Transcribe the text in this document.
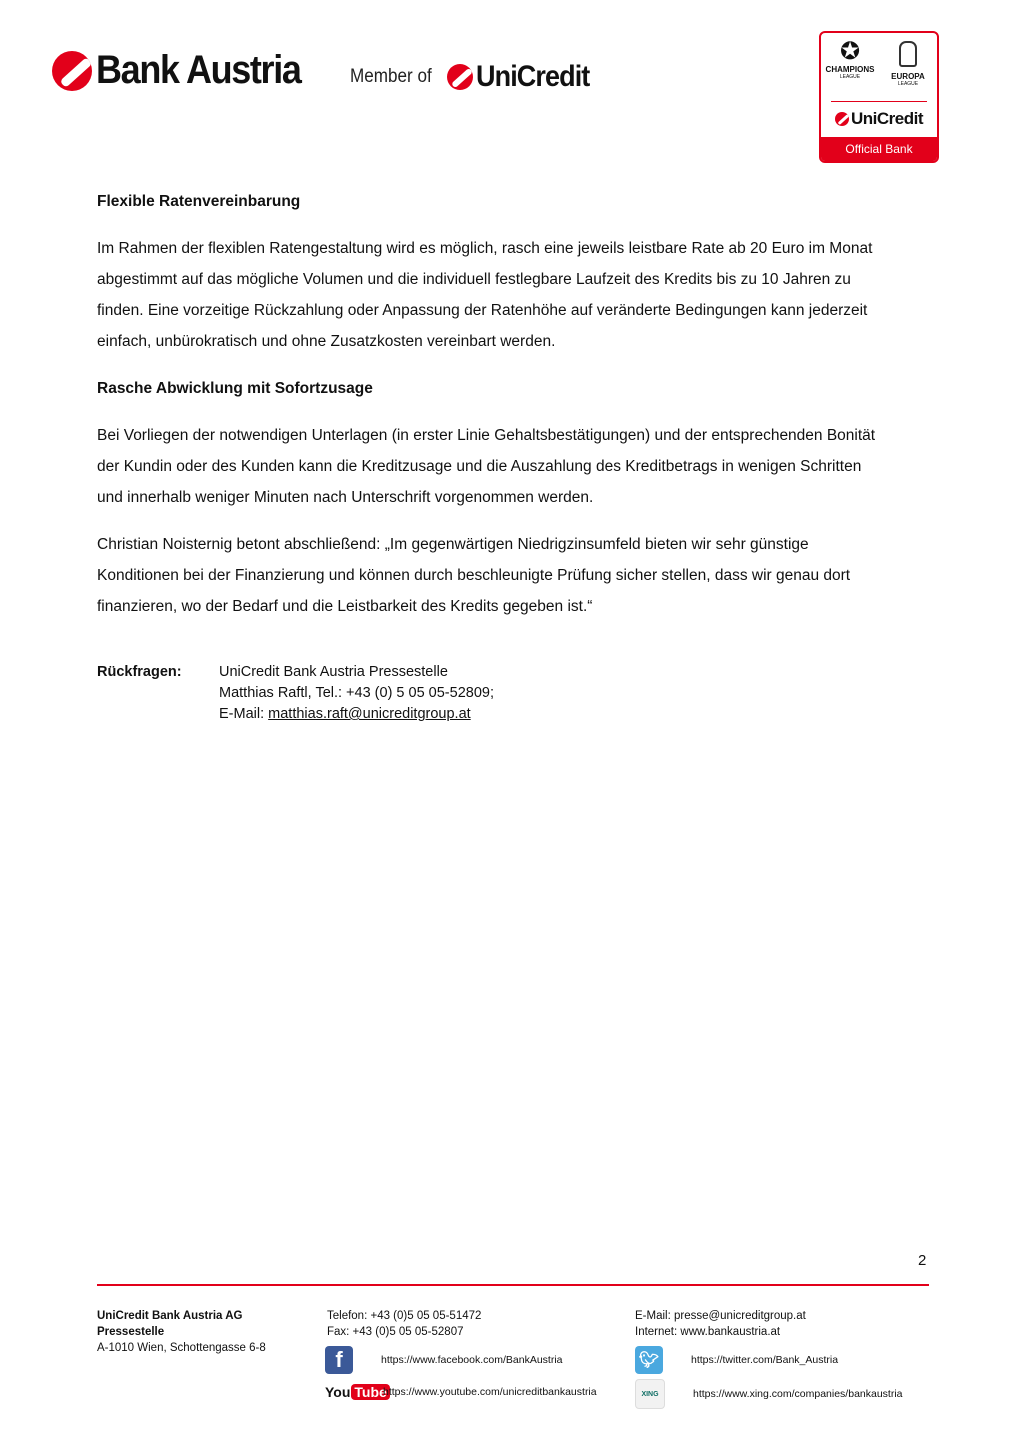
Bank Austria	Member of UniCredit
✪
CHAMPIONS
LEAGUE	EUROPA
LEAGUE
UniCredit
Official Bank

Flexible Ratenvereinbarung

Im Rahmen der flexiblen Ratengestaltung wird es möglich, rasch eine jeweils leistbare Rate ab 20 Euro im Monat

abgestimmt auf das mögliche Volumen und die individuell festlegbare Laufzeit des Kredits bis zu 10 Jahren zu

finden. Eine vorzeitige Rückzahlung oder Anpassung der Ratenhöhe auf veränderte Bedingungen kann jederzeit

einfach, unbürokratisch und ohne Zusatzkosten vereinbart werden.

Rasche Abwicklung mit Sofortzusage

Bei Vorliegen der notwendigen Unterlagen (in erster Linie Gehaltsbestätigungen) und der entsprechenden Bonität

der Kundin oder des Kunden kann die Kreditzusage und die Auszahlung des Kreditbetrags in wenigen Schritten

und innerhalb weniger Minuten nach Unterschrift vorgenommen werden.

Christian Noisternig betont abschließend: „Im gegenwärtigen Niedrigzinsumfeld bieten wir sehr günstige

Konditionen bei der Finanzierung und können durch beschleunigte Prüfung sicher stellen, dass wir genau dort

finanzieren, wo der Bedarf und die Leistbarkeit des Kredits gegeben ist.“

Rückfragen:	UniCredit Bank Austria Pressestelle
Matthias Raftl, Tel.: +43 (0) 5 05 05-52809;
E-Mail: matthias.raft@unicreditgroup.at
2
UniCredit Bank Austria AG
Pressestelle
A-1010 Wien, Schottengasse 6-8
Telefon: +43 (0)5 05 05-51472
Fax: +43 (0)5 05 05-52807
E-Mail: presse@unicreditgroup.at
Internet: www.bankaustria.at
f	https://www.facebook.com/BankAustria
You Tube
https://www.youtube.com/unicreditbankaustria
🐦︎	https://twitter.com/Bank_Austria
XING	https://www.xing.com/companies/bankaustria
